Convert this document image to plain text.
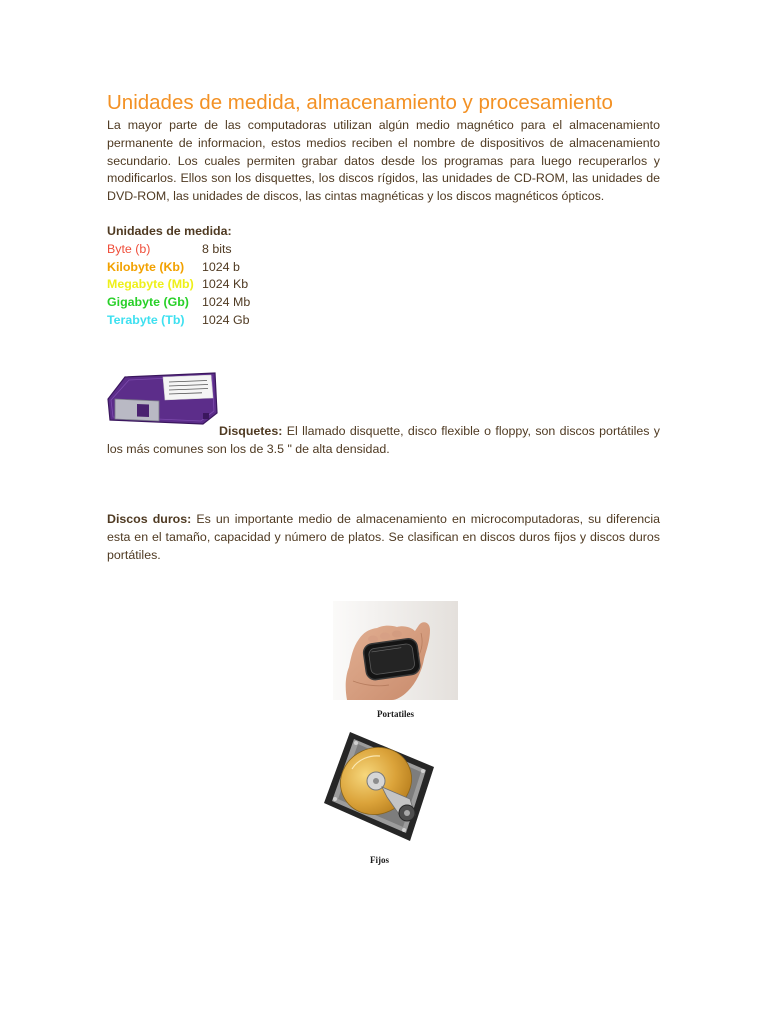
Unidades de medida, almacenamiento y procesamiento
La mayor parte de las computadoras utilizan algún medio magnético para el almacenamiento permanente de informacion, estos medios reciben el nombre de dispositivos de almacenamiento secundario. Los cuales permiten grabar datos desde los programas para luego recuperarlos y modificarlos. Ellos son los disquettes, los discos rígidos, las unidades de CD-ROM, las unidades de DVD-ROM, las unidades de discos, las cintas magnéticas y los discos magnéticos ópticos.
Unidades de medida:
Byte (b)	8 bits
Kilobyte (Kb) 1024 b
Megabyte (Mb) 1024 Kb
Gigabyte (Gb) 1024 Mb
Terabyte (Tb) 1024 Gb
Disquetes: El llamado disquette, disco flexible o floppy, son discos portátiles y los más comunes son los de 3.5 " de alta densidad.
Discos duros: Es un importante medio de almacenamiento en microcomputadoras, su diferencia esta en el tamaño, capacidad y número de platos. Se clasifican en discos duros fijos y discos duros portátiles.
Portatiles
Fijos
